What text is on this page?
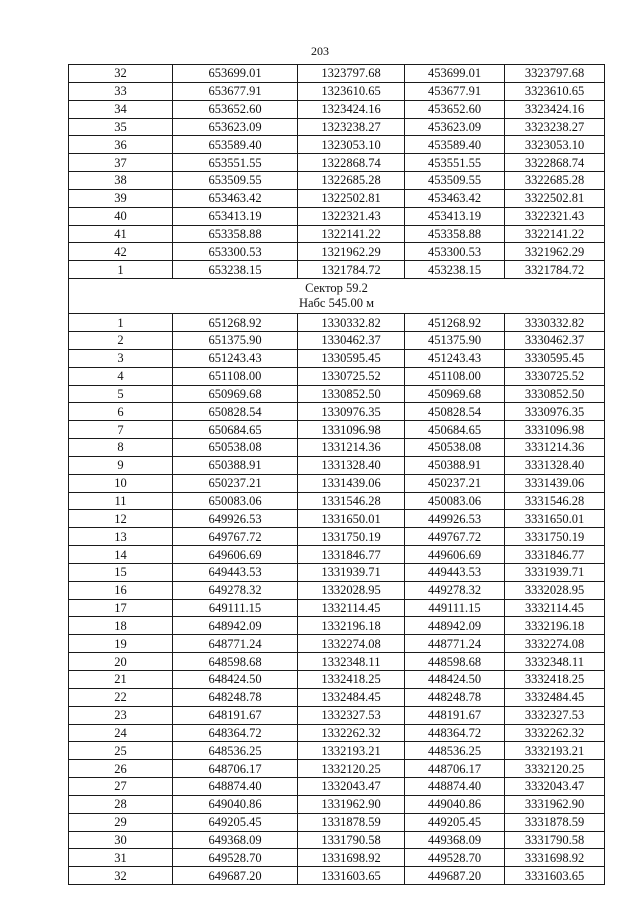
203
32	653699.01	1323797.68	453699.01	3323797.68
33	653677.91	1323610.65	453677.91	3323610.65
34	653652.60	1323424.16	453652.60	3323424.16
35	653623.09	1323238.27	453623.09	3323238.27
36	653589.40	1323053.10	453589.40	3323053.10
37	653551.55	1322868.74	453551.55	3322868.74
38	653509.55	1322685.28	453509.55	3322685.28
39	653463.42	1322502.81	453463.42	3322502.81
40	653413.19	1322321.43	453413.19	3322321.43
41	653358.88	1322141.22	453358.88	3322141.22
42	653300.53	1321962.29	453300.53	3321962.29
1	653238.15	1321784.72	453238.15	3321784.72

Сектор 59.2
Набс 545.00 м				

1	651268.92	1330332.82	451268.92	3330332.82
2	651375.90	1330462.37	451375.90	3330462.37
3	651243.43	1330595.45	451243.43	3330595.45
4	651108.00	1330725.52	451108.00	3330725.52
5	650969.68	1330852.50	450969.68	3330852.50
6	650828.54	1330976.35	450828.54	3330976.35
7	650684.65	1331096.98	450684.65	3331096.98
8	650538.08	1331214.36	450538.08	3331214.36
9	650388.91	1331328.40	450388.91	3331328.40
10	650237.21	1331439.06	450237.21	3331439.06
11	650083.06	1331546.28	450083.06	3331546.28
12	649926.53	1331650.01	449926.53	3331650.01
13	649767.72	1331750.19	449767.72	3331750.19
14	649606.69	1331846.77	449606.69	3331846.77
15	649443.53	1331939.71	449443.53	3331939.71
16	649278.32	1332028.95	449278.32	3332028.95
17	649111.15	1332114.45	449111.15	3332114.45
18	648942.09	1332196.18	448942.09	3332196.18
19	648771.24	1332274.08	448771.24	3332274.08
20	648598.68	1332348.11	448598.68	3332348.11
21	648424.50	1332418.25	448424.50	3332418.25
22	648248.78	1332484.45	448248.78	3332484.45
23	648191.67	1332327.53	448191.67	3332327.53
24	648364.72	1332262.32	448364.72	3332262.32
25	648536.25	1332193.21	448536.25	3332193.21
26	648706.17	1332120.25	448706.17	3332120.25
27	648874.40	1332043.47	448874.40	3332043.47
28	649040.86	1331962.90	449040.86	3331962.90
29	649205.45	1331878.59	449205.45	3331878.59
30	649368.09	1331790.58	449368.09	3331790.58
31	649528.70	1331698.92	449528.70	3331698.92
32	649687.20	1331603.65	449687.20	3331603.65
